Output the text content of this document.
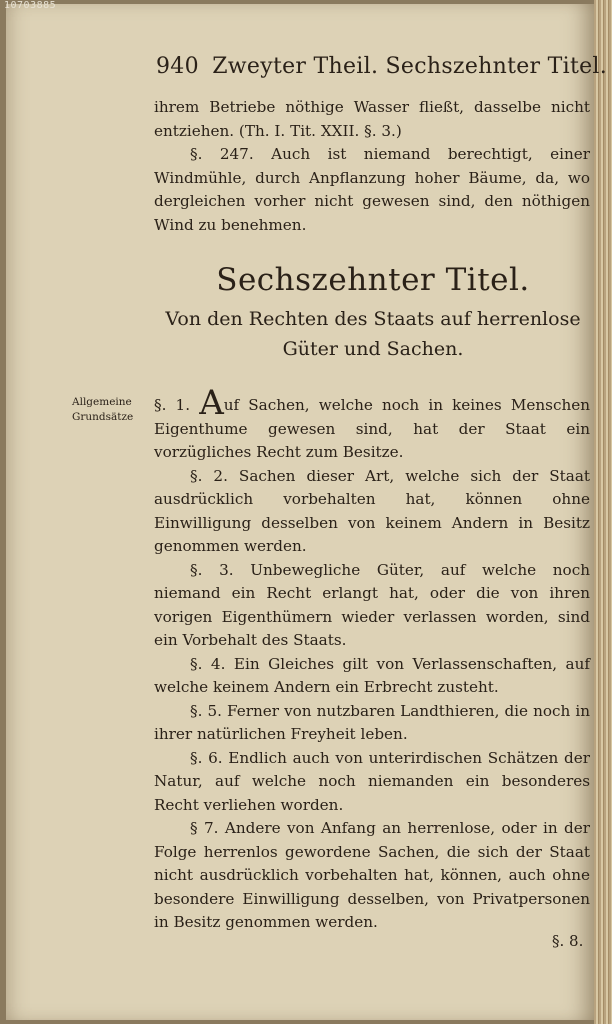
10703885
940 Zweyter Theil. Sechszehnter Titel.

ihrem Betriebe nöthige Wasser fließt, dasselbe nicht entziehen. (Th. I. Tit. XXII. §. 3.)

§. 247. Auch ist niemand berechtigt, einer Windmühle, durch Anpflanzung hoher Bäume, da, wo dergleichen vorher nicht gewesen sind, den nöthigen Wind zu benehmen.

Sechszehnter Titel.
Von den Rechten des Staats auf herrenlose Güter und Sachen.
Allgemeine Grundsätze

§. 1. Auf Sachen, welche noch in keines Menschen Eigenthume gewesen sind, hat der Staat ein vorzügliches Recht zum Besitze.

§. 2. Sachen dieser Art, welche sich der Staat ausdrücklich vorbehalten hat, können ohne Einwilligung desselben von keinem Andern in Besitz genommen werden.

§. 3. Unbewegliche Güter, auf welche noch niemand ein Recht erlangt hat, oder die von ihren vorigen Eigenthümern wieder verlassen worden, sind ein Vorbehalt des Staats.

§. 4. Ein Gleiches gilt von Verlassenschaften, auf welche keinem Andern ein Erbrecht zusteht.

§. 5. Ferner von nutzbaren Landthieren, die noch in ihrer natürlichen Freyheit leben.

§. 6. Endlich auch von unterirdischen Schätzen der Natur, auf welche noch niemanden ein besonderes Recht verliehen worden.

§ 7. Andere von Anfang an herrenlose, oder in der Folge herrenlos gewordene Sachen, die sich der Staat nicht ausdrücklich vorbehalten hat, können, auch ohne besondere Einwilligung desselben, von Privatpersonen in Besitz genommen werden.

§. 8.
